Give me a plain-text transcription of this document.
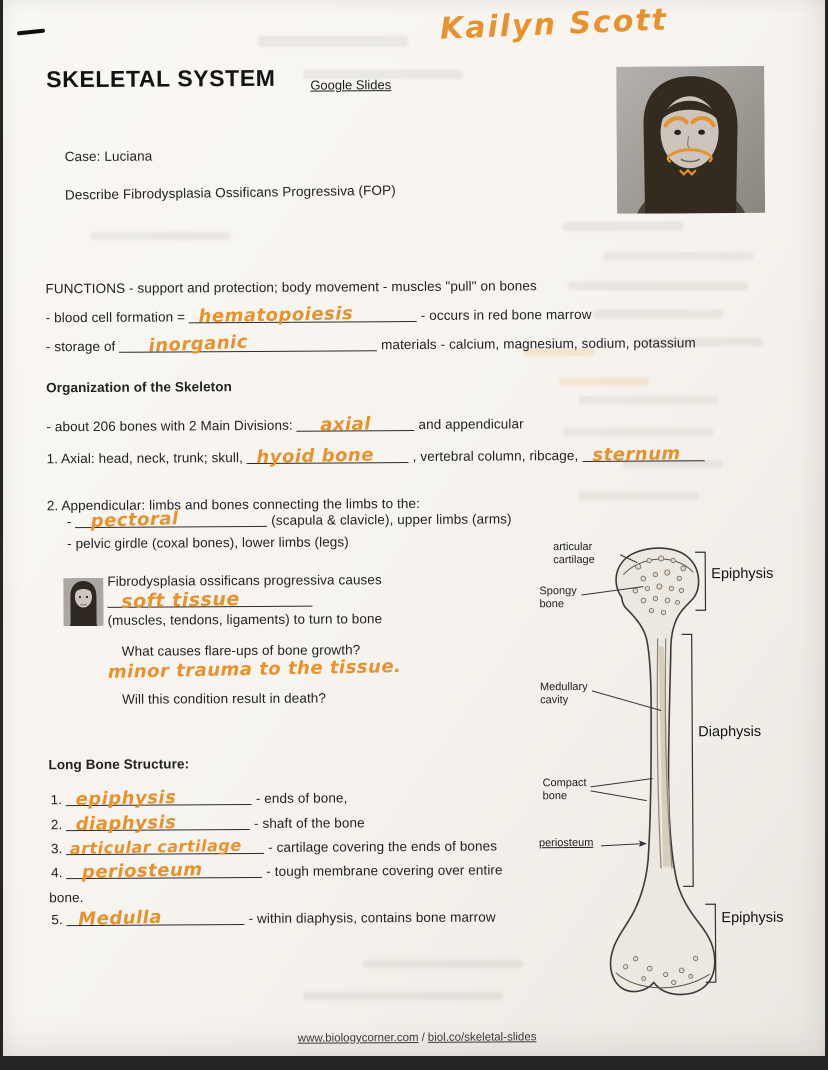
Kailyn Scott
SKELETAL SYSTEM	Google Slides
Case: Luciana
Describe Fibrodysplasia Ossificans Progressiva (FOP)
FUNCTIONS - support and protection; body movement - muscles "pull" on bones
- blood cell formation = hematopoiesis	- occurs in red bone marrow
- storage of inorganic	materials - calcium, magnesium, sodium, potassium
Organization of the Skeleton
- about 206 bones with 2 Main Divisions: axial	and appendicular
1. Axial: head, neck, trunk; skull, hyoid bone	, vertebral column, ribcage, sternum
2. Appendicular: limbs and bones connecting the limbs to the:
- pectoral	(scapula & clavicle), upper limbs (arms)
- pelvic girdle (coxal bones), lower limbs (legs)
Fibrodysplasia ossificans progressiva causes
soft tissue
(muscles, tendons, ligaments) to turn to bone
What causes flare-ups of bone growth?
minor trauma to the tissue.
Will this condition result in death?
Long Bone Structure:
1. epiphysis	- ends of bone,
2. diaphysis	- shaft of the bone
3. articular cartilage - cartilage covering the ends of bones
4. periosteum	- tough membrane covering over entire
bone.
5. Medulla	- within diaphysis, contains bone marrow
articular
cartilage
Epiphysis
Spongy
bone
Medullary
cavity
Diaphysis
Compact
bone
periosteum
Epiphysis
www.biologycorner.com / biol.co/skeletal-slides
